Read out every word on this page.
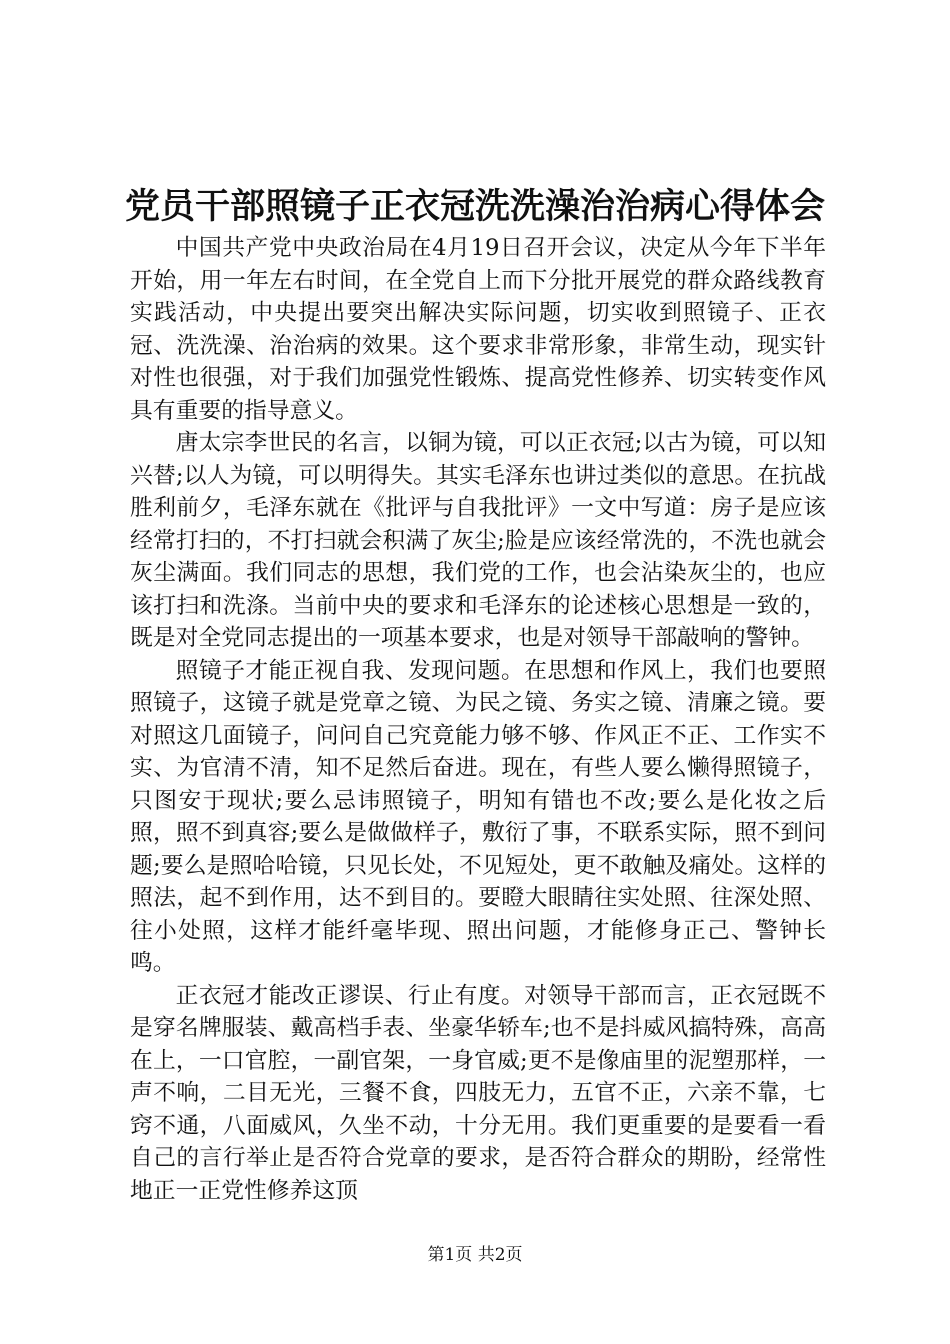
党员干部照镜子正衣冠洗洗澡治治病心得体会

中国共产党中央政治局在4月19日召开会议，决定从今年下半年开始，用一年左右时间，在全党自上而下分批开展党的群众路线教育实践活动，中央提出要突出解决实际问题，切实收到照镜子、正衣冠、洗洗澡、治治病的效果。这个要求非常形象，非常生动，现实针对性也很强，对于我们加强党性锻炼、提高党性修养、切实转变作风具有重要的指导意义。

唐太宗李世民的名言，以铜为镜，可以正衣冠;以古为镜，可以知兴替;以人为镜，可以明得失。其实毛泽东也讲过类似的意思。在抗战胜利前夕，毛泽东就在《批评与自我批评》一文中写道：房子是应该经常打扫的，不打扫就会积满了灰尘;脸是应该经常洗的，不洗也就会灰尘满面。我们同志的思想，我们党的工作，也会沾染灰尘的，也应该打扫和洗涤。当前中央的要求和毛泽东的论述核心思想是一致的，既是对全党同志提出的一项基本要求，也是对领导干部敲响的警钟。

照镜子才能正视自我、发现问题。在思想和作风上，我们也要照照镜子，这镜子就是党章之镜、为民之镜、务实之镜、清廉之镜。要对照这几面镜子，问问自己究竟能力够不够、作风正不正、工作实不实、为官清不清，知不足然后奋进。现在，有些人要么懒得照镜子，只图安于现状;要么忌讳照镜子，明知有错也不改;要么是化妆之后照，照不到真容;要么是做做样子，敷衍了事，不联系实际，照不到问题;要么是照哈哈镜，只见长处，不见短处，更不敢触及痛处。这样的照法，起不到作用，达不到目的。要瞪大眼睛往实处照、往深处照、往小处照，这样才能纤毫毕现、照出问题，才能修身正己、警钟长鸣。

正衣冠才能改正谬误、行止有度。对领导干部而言，正衣冠既不是穿名牌服装、戴高档手表、坐豪华轿车;也不是抖威风搞特殊，高高在上，一口官腔，一副官架，一身官威;更不是像庙里的泥塑那样，一声不响，二目无光，三餐不食，四肢无力，五官不正，六亲不靠，七窍不通，八面威风，久坐不动，十分无用。我们更重要的是要看一看自己的言行举止是否符合党章的要求，是否符合群众的期盼，经常性地正一正党性修养这顶

第1页 共2页
